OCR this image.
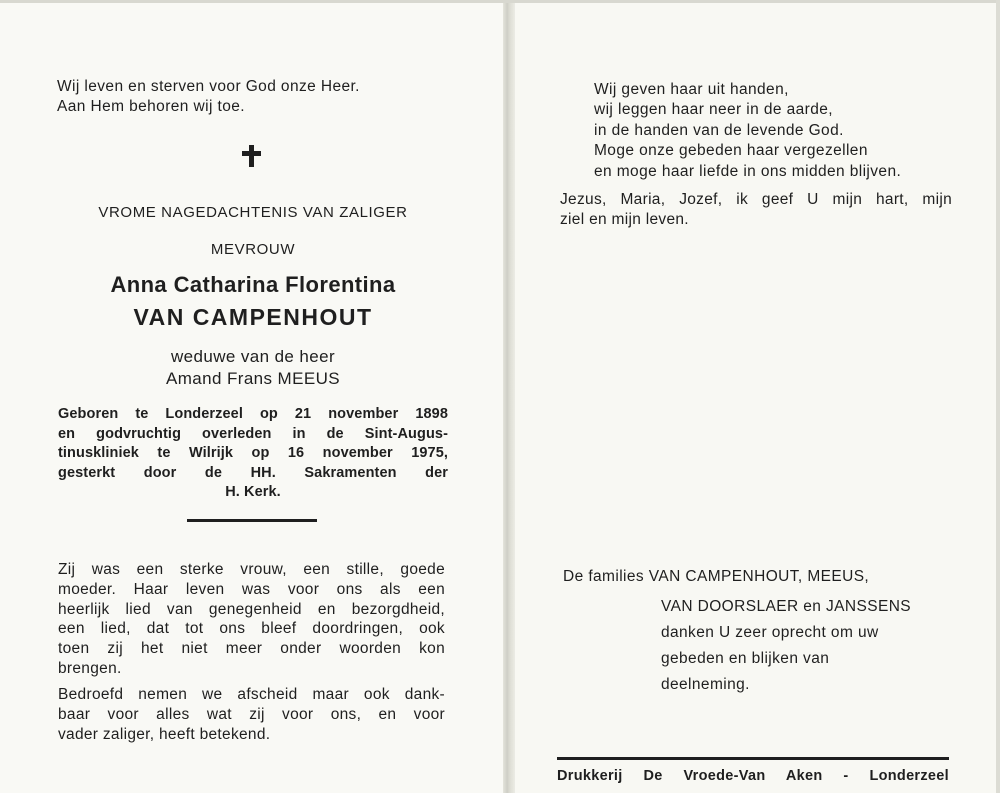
Wij leven en sterven voor God onze Heer.
Aan Hem behoren wij toe.
VROME NAGEDACHTENIS VAN ZALIGER
MEVROUW
Anna Catharina Florentina
VAN CAMPENHOUT
weduwe van de heer
Amand Frans MEEUS
Geboren te Londerzeel op 21 november 1898
en godvruchtig overleden in de Sint-Augus-
tinuskliniek te Wilrijk op 16 november 1975,
gesterkt door de HH. Sakramenten der
H. Kerk.
Zij was een sterke vrouw, een stille, goede
moeder. Haar leven was voor ons als een
heerlijk lied van genegenheid en bezorgdheid,
een lied, dat tot ons bleef doordringen, ook
toen zij het niet meer onder woorden kon
brengen.
Bedroefd nemen we afscheid maar ook dank-
baar voor alles wat zij voor ons, en voor
vader zaliger, heeft betekend.
Wij geven haar uit handen,
wij leggen haar neer in de aarde,
in de handen van de levende God.
Moge onze gebeden haar vergezellen
en moge haar liefde in ons midden blijven.
Jezus, Maria, Jozef, ik geef U mijn hart, mijn
ziel en mijn leven.
De families VAN CAMPENHOUT, MEEUS,
VAN DOORSLAER en JANSSENS
danken U zeer oprecht om uw
gebeden en blijken van
deelneming.
Drukkerij De Vroede-Van Aken - Londerzeel
